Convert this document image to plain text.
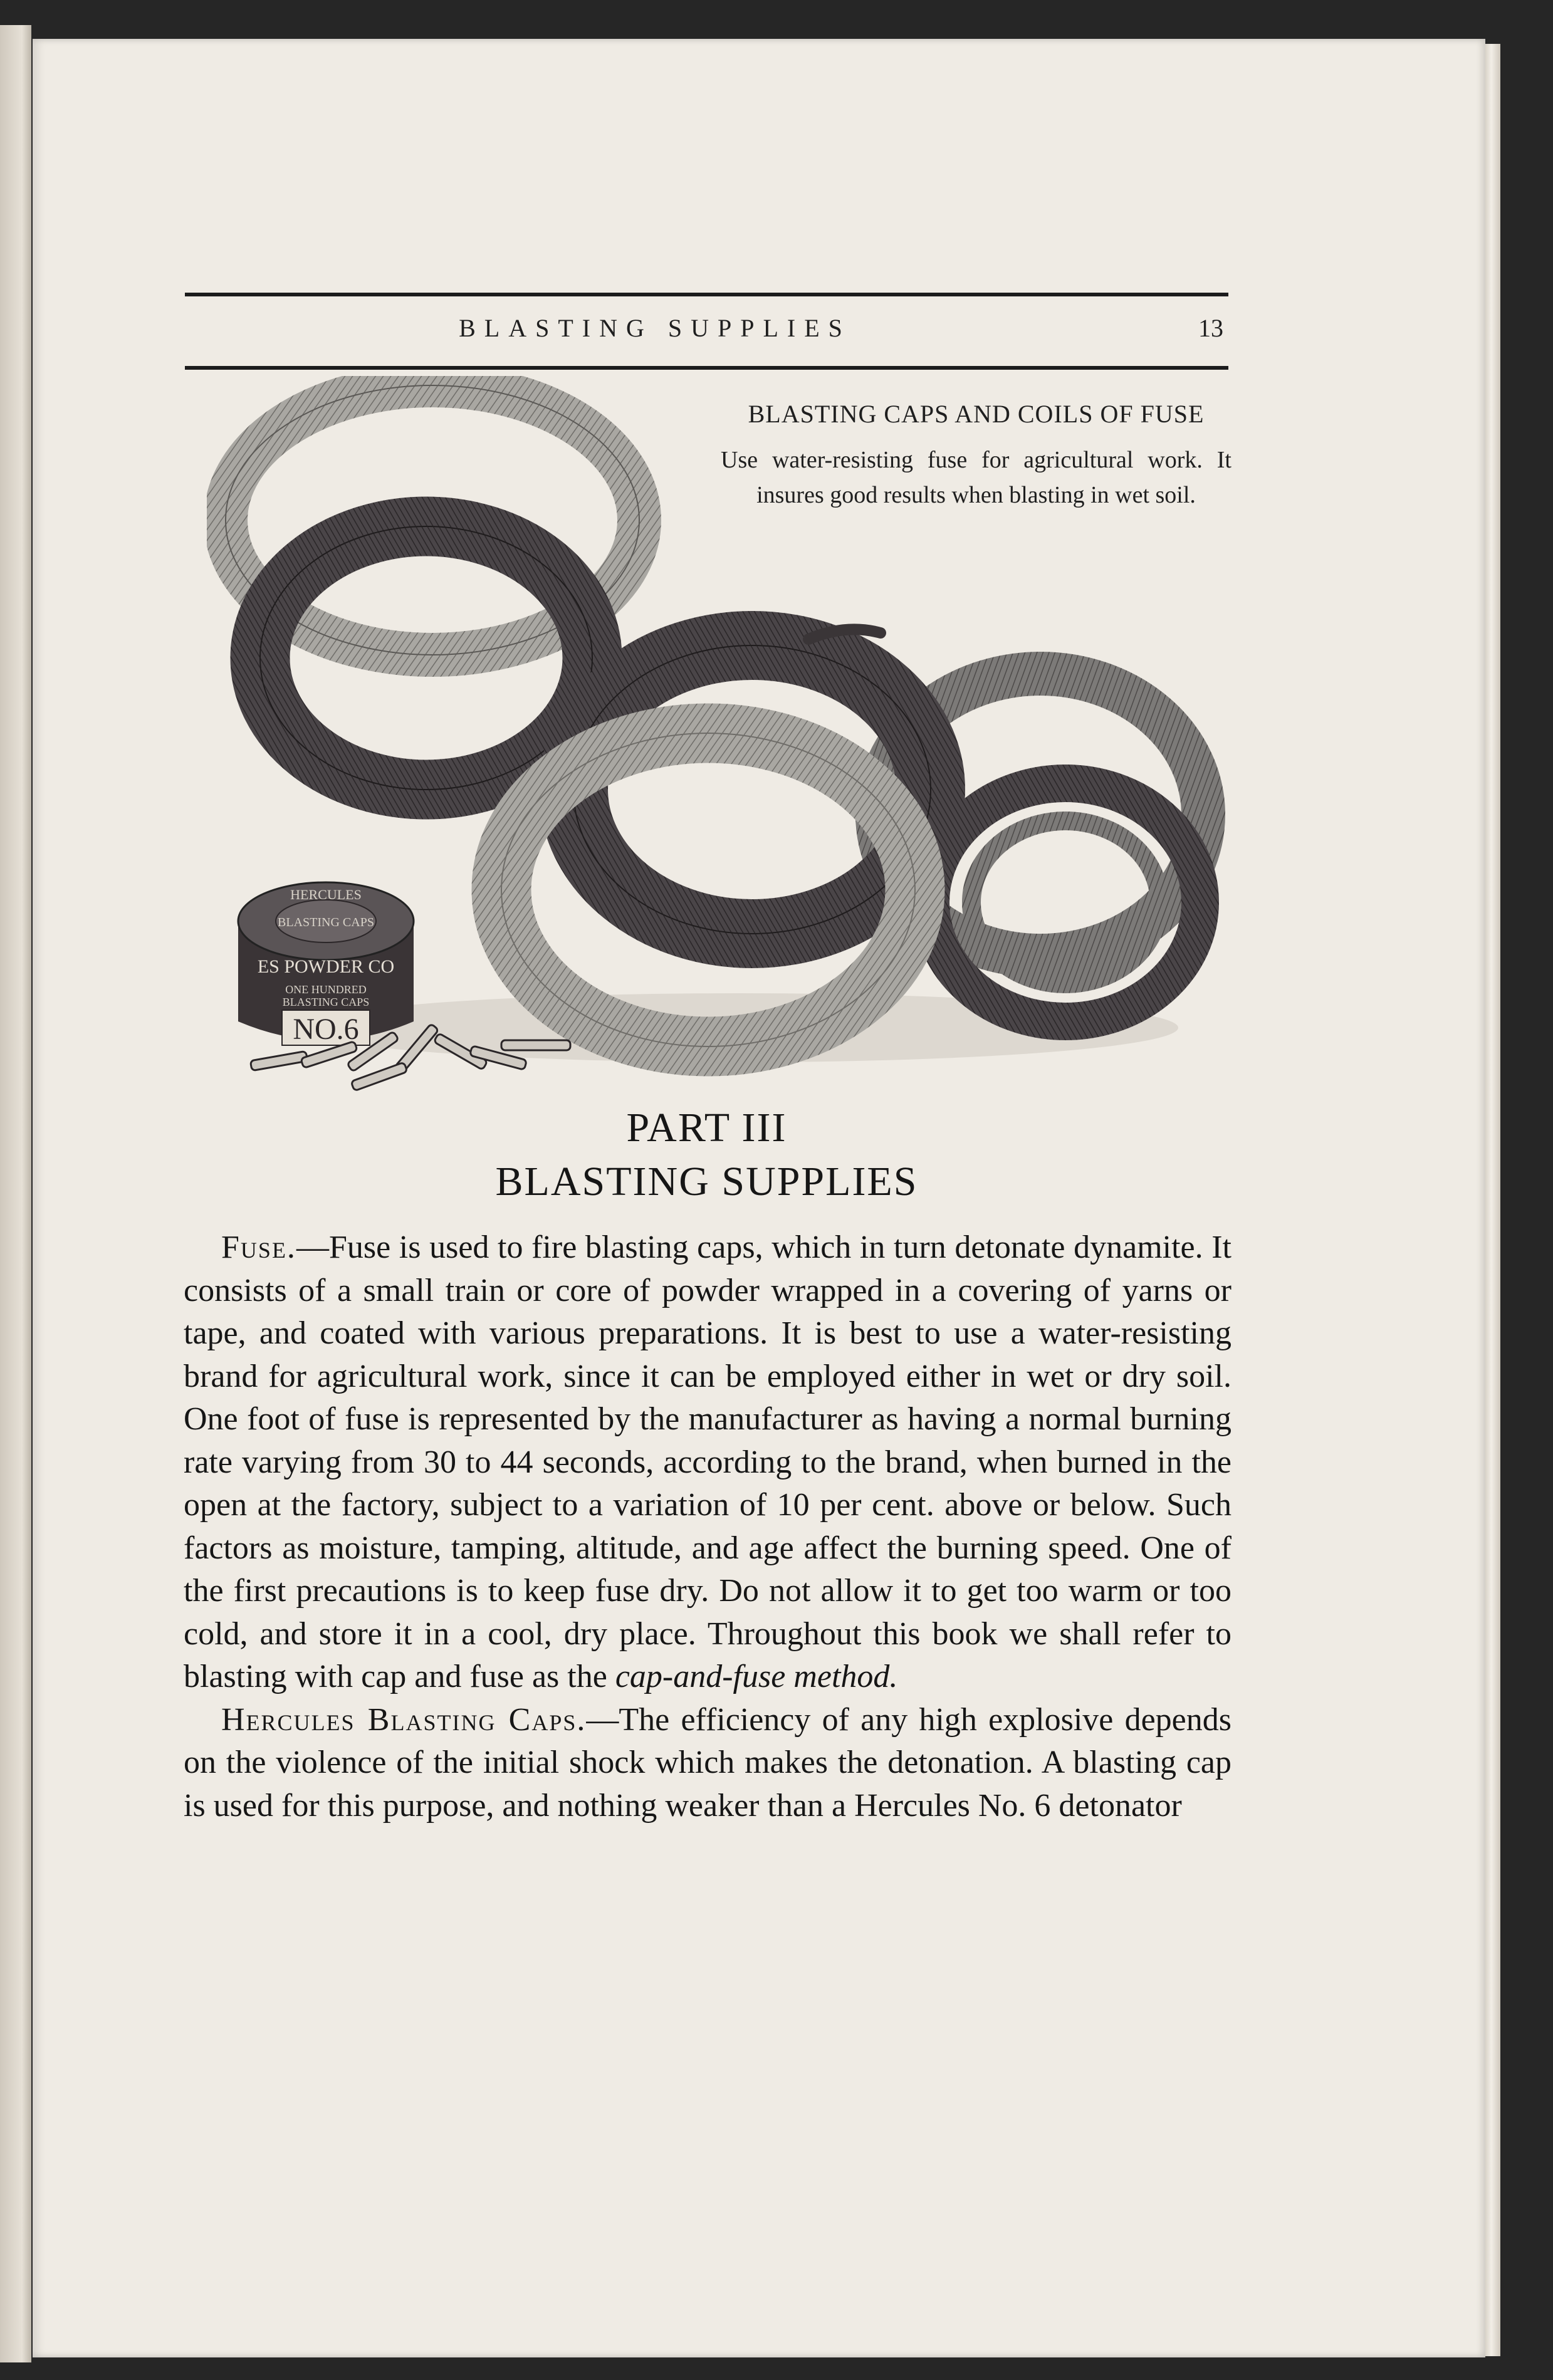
BLASTING SUPPLIES	13
HERCULES
BLASTING CAPS
ES POWDER CO
ONE HUNDRED
BLASTING CAPS
NO.6
BLASTING CAPS AND COILS OF FUSE
Use water-resisting fuse for agricultural work. It insures good results when blasting in wet soil.
PART III
BLASTING SUPPLIES

Fuse.—Fuse is used to fire blasting caps, which in turn detonate dynamite. It consists of a small train or core of powder wrapped in a covering of yarns or tape, and coated with various preparations. It is best to use a water-resisting brand for agricultural work, since it can be employed either in wet or dry soil. One foot of fuse is represented by the manufacturer as having a normal burning rate varying from 30 to 44 seconds, according to the brand, when burned in the open at the factory, subject to a variation of 10 per cent. above or below. Such factors as moisture, tamping, altitude, and age affect the burning speed. One of the first precautions is to keep fuse dry. Do not allow it to get too warm or too cold, and store it in a cool, dry place. Throughout this book we shall refer to blasting with cap and fuse as the cap-and-fuse method.

Hercules Blasting Caps.—The efficiency of any high explosive depends on the violence of the initial shock which makes the detonation. A blasting cap is used for this purpose, and nothing weaker than a Hercules No. 6 detonator
